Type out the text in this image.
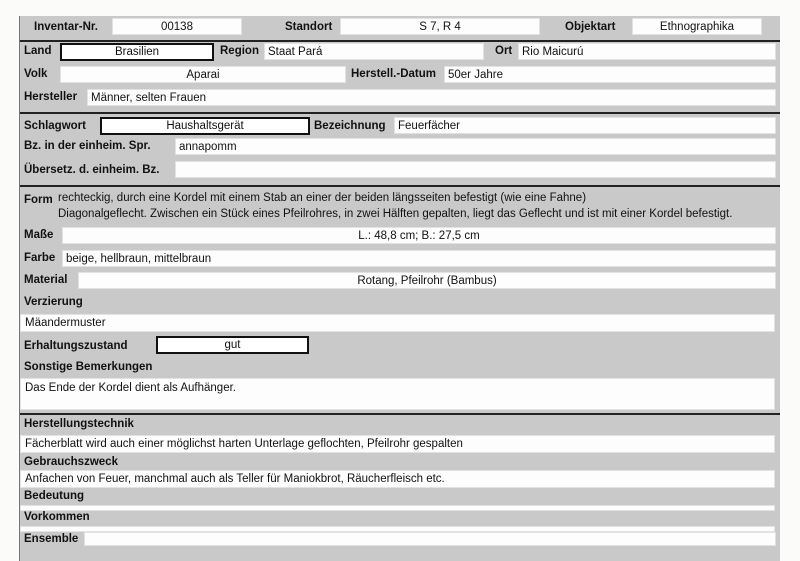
Inventar-Nr.	00138	Standort	S 7, R 4	Objektart	Ethnographika
Land	Brasilien	Region Staat Pará	Ort Rio Maicurú
Volk	Aparai	Herstell.-Datum	50er Jahre
Hersteller	Männer, selten Frauen
Schlagwort	Haushaltsgerät	Bezeichnung	Feuerfächer
Bz. in der einheim. Spr.	annapomm
Übersetz. d. einheim. Bz.
Form rechteckig, durch eine Kordel mit einem Stab an einer der beiden längsseiten befestigt (wie eine Fahne)
Diagonalgeflecht. Zwischen ein Stück eines Pfeilrohres, in zwei Hälften gepalten, liegt das Geflecht und ist mit einer Kordel befestigt.
Maße	L.: 48,8 cm; B.: 27,5 cm
Farbe beige, hellbraun, mittelbraun
Material	Rotang, Pfeilrohr (Bambus)
Verzierung
Mäandermuster
Erhaltungszustand	gut
Sonstige Bemerkungen
Das Ende der Kordel dient als Aufhänger.
Herstellungstechnik
Fächerblatt wird auch einer möglichst harten Unterlage geflochten, Pfeilrohr gespalten
Gebrauchszweck
Anfachen von Feuer, manchmal auch als Teller für Maniokbrot, Räucherfleisch etc.
Bedeutung
Vorkommen
Ensemble
